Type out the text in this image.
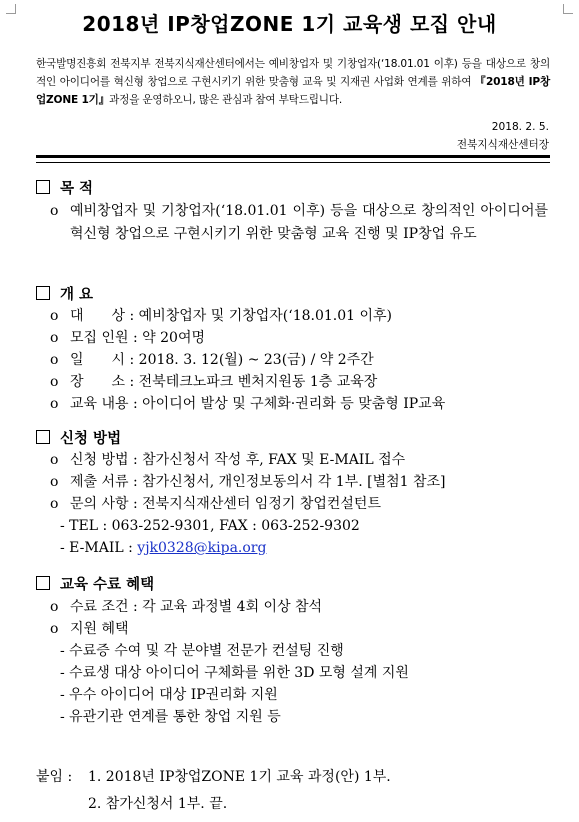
2018년 IP창업ZONE 1기 교육생 모집 안내
한국발명진흥회 전북지부 전북지식재산센터에서는 예비창업자 및 기창업자(‘18.01.01 이후) 등을 대상으로 창의적인 아이디어를 혁신형 창업으로 구현시키기 위한 맞춤형 교육 및 지재권 사업화 연계를 위하여 『2018년 IP창업ZONE 1기』과정을 운영하오니, 많은 관심과 참여 부탁드립니다.
2018. 2. 5.
전북지식재산센터장
목 적
o 예비창업자 및 기창업자(‘18.01.01 이후) 등을 대상으로 창의적인 아이디어를 혁신형 창업으로 구현시키기 위한 맞춤형 교육 진행 및 IP창업 유도
개 요
o 대　　상 : 예비창업자 및 기창업자(‘18.01.01 이후)
o 모집 인원 : 약 20여명
o 일　　시 : 2018. 3. 12(월) ~ 23(금) / 약 2주간
o 장　　소 : 전북테크노파크 벤처지원동 1층 교육장
o 교육 내용 : 아이디어 발상 및 구체화·권리화 등 맞춤형 IP교육
신청 방법
o 신청 방법 : 참가신청서 작성 후, FAX 및 E-MAIL 접수
o 제출 서류 : 참가신청서, 개인정보동의서 각 1부. [별첨1 참조]
o 문의 사항 : 전북지식재산센터 임정기 창업컨설턴트
- TEL : 063-252-9301, FAX : 063-252-9302
- E-MAIL : yjk0328@kipa.org
교육 수료 혜택
o 수료 조건 : 각 교육 과정별 4회 이상 참석
o 지원 혜택
- 수료증 수여 및 각 분야별 전문가 컨설팅 진행
- 수료생 대상 아이디어 구체화를 위한 3D 모형 설계 지원
- 우수 아이디어 대상 IP권리화 지원
- 유관기관 연계를 통한 창업 지원 등
붙임 : 1. 2018년 IP창업ZONE 1기 교육 과정(안) 1부.
2. 참가신청서 1부. 끝.
